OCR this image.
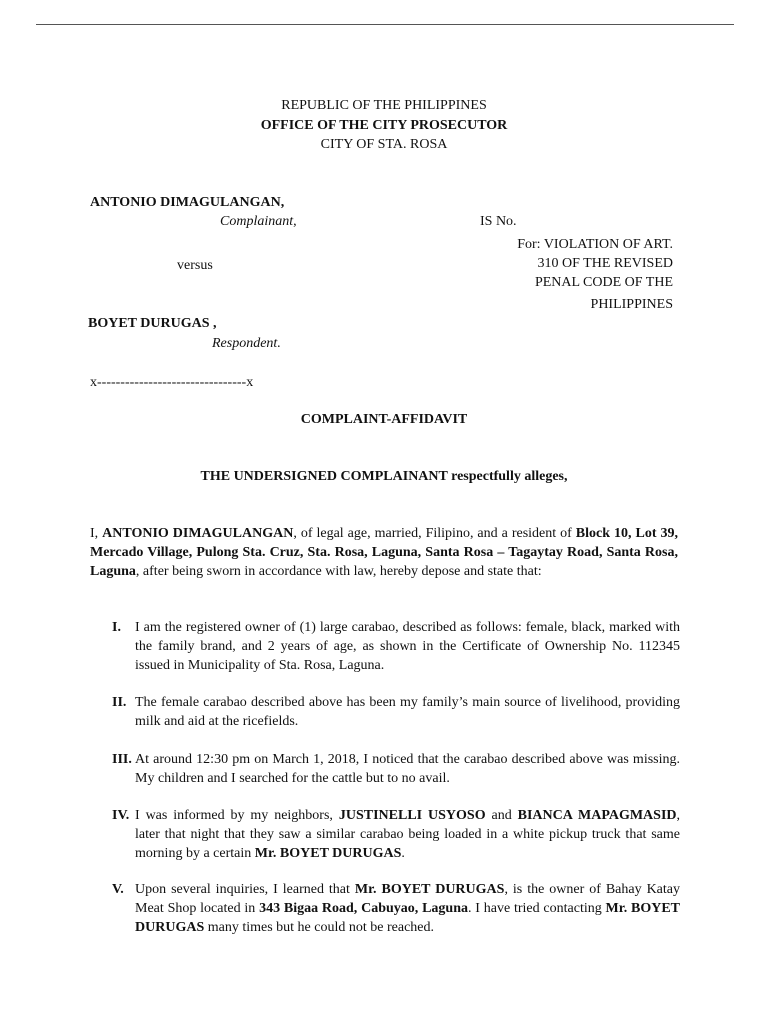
REPUBLIC OF THE PHILIPPINES
OFFICE OF THE CITY PROSECUTOR
CITY OF STA. ROSA
ANTONIO DIMAGULANGAN,
Complainant,	IS No.
For: VIOLATION OF ART.
310 OF THE REVISED
PENAL CODE OF THE
PHILIPPINES
versus
BOYET DURUGAS ,
Respondent.
x--------------------------------x
COMPLAINT-AFFIDAVIT
THE UNDERSIGNED COMPLAINANT respectfully alleges,
I, ANTONIO DIMAGULANGAN, of legal age, married, Filipino, and a resident of Block 10, Lot 39, Mercado Village, Pulong Sta. Cruz, Sta. Rosa, Laguna, Santa Rosa – Tagaytay Road, Santa Rosa, Laguna, after being sworn in accordance with law, hereby depose and state that:
I. I am the registered owner of (1) large carabao, described as follows: female, black, marked with the family brand, and 2 years of age, as shown in the Certificate of Ownership No. 112345 issued in Municipality of Sta. Rosa, Laguna.
II. The female carabao described above has been my family’s main source of livelihood, providing milk and aid at the ricefields.
III. At around 12:30 pm on March 1, 2018, I noticed that the carabao described above was missing. My children and I searched for the cattle but to no avail.
IV. I was informed by my neighbors, JUSTINELLI USYOSO and BIANCA MAPAGMASID, later that night that they saw a similar carabao being loaded in a white pickup truck that same morning by a certain Mr. BOYET DURUGAS.
V. Upon several inquiries, I learned that Mr. BOYET DURUGAS, is the owner of Bahay Katay Meat Shop located in 343 Bigaa Road, Cabuyao, Laguna. I have tried contacting Mr. BOYET DURUGAS many times but he could not be reached.
